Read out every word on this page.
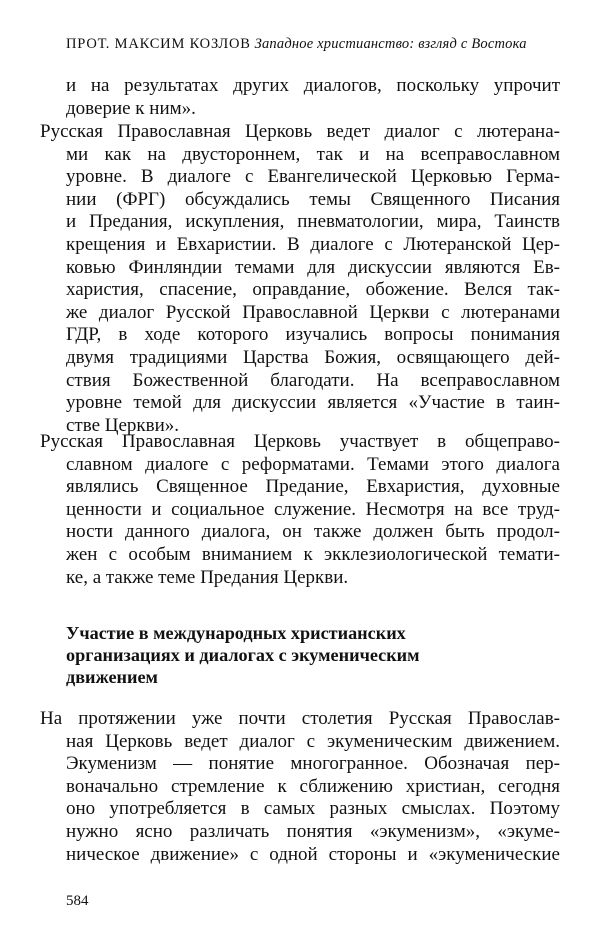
ПРОТ. МАКСИМ КОЗЛОВ Западное христианство: взгляд с Востока
и на результатах других диалогов, поскольку упрочит
доверие к ним».
Русская Православная Церковь ведет диалог с лютерана-
ми как на двустороннем, так и на всеправославном
уровне. В диалоге с Евангелической Церковью Герма-
нии (ФРГ) обсуждались темы Священного Писания
и Предания, искупления, пневматологии, мира, Таинств
крещения и Евхаристии. В диалоге с Лютеранской Цер-
ковью Финляндии темами для дискуссии являются Ев-
харистия, спасение, оправдание, обожение. Велся так-
же диалог Русской Православной Церкви с лютеранами
ГДР, в ходе которого изучались вопросы понимания
двумя традициями Царства Божия, освящающего дей-
ствия Божественной благодати. На всеправославном
уровне темой для дискуссии является «Участие в таин-
стве Церкви».
Русская Православная Церковь участвует в общеправо-
славном диалоге с реформатами. Темами этого диалога
являлись Священное Предание, Евхаристия, духовные
ценности и социальное служение. Несмотря на все труд-
ности данного диалога, он также должен быть продол-
жен с особым вниманием к экклезиологической темати-
ке, а также теме Предания Церкви.
Участие в международных христианских
организациях и диалогах с экуменическим
движением
На протяжении уже почти столетия Русская Православ-
ная Церковь ведет диалог с экуменическим движением.
Экуменизм — понятие многогранное. Обозначая пер-
воначально стремление к сближению христиан, сегодня
оно употребляется в самых разных смыслах. Поэтому
нужно ясно различать понятия «экуменизм», «экуме-
ническое движение» с одной стороны и «экуменические
584
